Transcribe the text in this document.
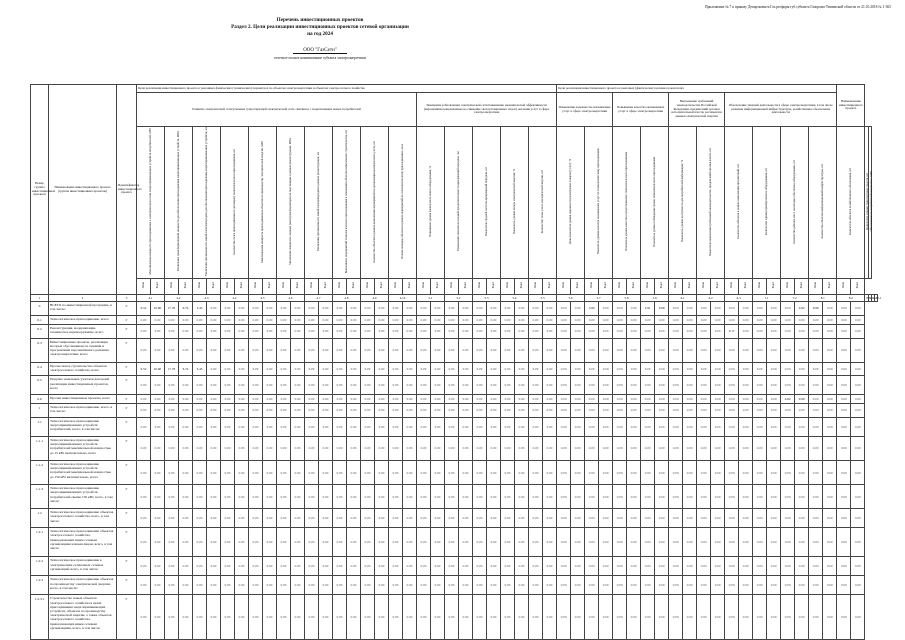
Приложение № 7 к приказу Департамента Газ.регформ.губ.субъекта Газпрома-Тюменской области от 21.10.2018 № 1-365
Перечень инвестиционных проектов
Раздел 2. Цели реализации инвестиционных проектов сетевой организации
на год 2024
ООО "ГазСети"
отчетное полное наименование субъекта электроэнергетики
Номер группы инвестиционных проектов	Наименование инвестиционного проекта (группы инвестиционных проектов)	Идентификатор инвестиционного проекта	Цели реализации инвестиционного проекта в указанных физических (технических) параметрах по объектам электроэнергетики и объектам электросетевого хозяйства																														Цели реализации инвестиционного проекта в рамочных (фактических) целевых показателях																				Наименование инвестиционного проекта					
			Развитие электрической сети/усиление существующей электрической сети, связанное с подключением новых потребителей																				Замещение (обновление) электрической сети/повышение экономической эффективности (мероприятия направленные на снижение эксплуатационных затрат) оказания услуг в сфере электроэнергетики										Повышение надежности оказываемых услуг в сфере электроэнергетики				Повышение качества оказываемых услуг в сфере электроэнергетики				Выполнение требований законодательства Российской Федерации, предписаний органов исполнительной власти, регламентов рынков электрической энергии				Обеспечение текущей деятельности в сфере электроэнергетики, в том числе развитие информационной инфраструктуры, хозяйственное обеспечение деятельности													
			Максимальная мощность присоединяемых к электрическим сетям энергопринимающих устройств потребителей, МВт		Увеличение трансформаторной мощности для обеспечения присоединения энергопринимающих устройств, МВА		Увеличение протяженности линий электропередачи для обеспечения присоединения энергопринимающих устройств, км		Количество точек присоединения по договорам технологического присоединения, шт		Максимальная мощность присоединяемых объектов по производству электрической энергии, МВт		Увеличение мощности силовых (авто)трансформаторов на подстанциях в рамках реконструкции, МВА		Увеличение протяженности линий электропередачи в рамках реконструкции, км		Выполнение мероприятий технологического присоединения в отношении объектов капитального строительства, шт		Количество объектов в рамках выполнения мероприятий по организации коммерческого учета, шт		Полная площадь объектов в рамках мероприятий по технологическому присоединению, кв.м		Повышение уровня физического износа оборудования, %		Уменьшение показателя средней продолжительности прекращений передачи, час		Показатель средней частоты прекращений передачи, шт		Показатель уровня потерь электрической энергии, %		Количество точек учета электрической энергии, шт		Доля показателя уровня надежности реализуемых товаров (услуг), %		Показатель уровня качества оказываемых услуг по технологическому присоединению		Показатель уровня качества осуществляемого технологического присоединения		Показатель уровня соблюдения сроков технологического присоединения		Показатель уровня доступности для потребителей информации, %		Показатель выполнения требований законодательства, предписаний органов власти, шт		Количество объектов в рамках выполнения предписаний, шт		Количество единиц приобретаемого оборудования, шт		Количество рабочих мест, на которых обеспечено оборудование, шт		Количество объектов информационной инфраструктуры, шт		Количество объектов хозяйственного обеспечения, шт		Количество единиц транспортных средств, шт	Обеспеченность потребителей мощностью, МВт		
			План	Факт	План	Факт	План	Факт	План	Факт	План	Факт	План	Факт	План	Факт	План	Факт	План	Факт	План	Факт	План	Факт	План	Факт	План	Факт	План	Факт	План	Факт	План	Факт	План	Факт	План	Факт	План	Факт	План	Факт	План	Факт	План	Факт	План	Факт	План	Факт	План	Факт	План	Факт				
1	2	3	4.1		4.2		4.3		4.4		4.5		4.6		4.7		4.8		4.9		4.10		5.1		5.2		5.3		5.4		5.5		5.6		5.7		5.8		5.9		6.1		6.2		6.3		7.1		7.2		8.1		8.2		8.3	9.1	9.2	10.1
0	ВСЕГО по инвестиционной программе, в том числе:	Г	0.52	10.60	17.76	6.74	3.45	0.00	0.00	0.00	0.00	0.00	0.00	0.00	0.00	0.00	0.00	0.00	0.00	0.00	0.00	0.00	0.00	0.00	0.00	0.00	0.00	0.00	0.00	0.00	0.00	0.00	0.00	0.00	3.84	0.00	0.00	0.00	2.91	9.99	0.00	0.00	0.00	0.00	0.00	0.00	0.00	0.00	0.00	4.82	9.99	0.00	0.00	0.00				
0.1	Технологическое присоединение, всего	Г	0.00	0.00	0.00	0.00	0.00	0.00	0.00	0.00	0.00	0.00	0.00	0.00	0.00	0.00	0.00	0.00	0.00	0.00	0.00	0.00	0.00	0.00	0.00	0.00	0.00	0.00	0.00	0.00	0.00	0.00	0.00	0.00	0.00	0.00	0.00	0.00	0.00	0.00	0.00	0.00	0.00	0.00	0.00	0.00	0.00	0.00	0.00	0.00	0.00	0.00	0.00	0.00				
0.2	Реконструкция, модернизация, техническое перевооружение, всего	Г	0.00	0.00	0.00	0.00	0.00	0.00	0.00	0.00	0.00	0.00	0.00	0.00	0.00	0.00	0.00	0.00	0.00	0.00	0.00	0.00	0.00	0.00	0.00	0.00	0.00	0.00	0.00	0.00	0.00	0.00	0.00	0.00	0.00	0.00	0.00	0.00	0.00	0.00	0.00	0.00	0.00	0.00	0.17	0.00	0.00	0.00	0.00	0.00	0.00	0.00	0.00	0.00				
0.3	Инвестиционные проекты, реализация которых обуславливается схемами и программами перспективного развития электроэнергетики, всего	Г	0.00	0.00	0.00	0.00	0.00	0.00	0.00	0.00	0.00	0.00	0.00	0.00	0.00	0.00	0.00	0.00	0.00	0.00	0.00	0.00	0.00	0.00	0.00	0.00	0.00	0.00	0.00	0.00	0.00	0.00	0.00	0.00	0.00	0.00	0.00	0.00	0.00	0.00	0.00	0.00	0.00	0.00	0.00	0.00	0.00	0.00	0.00	0.00	0.00	0.00	0.00	0.00				
0.4	Прочее новое строительство объектов электросетевого хозяйства, всего	Г	0.52	10.60	17.76	6.74	3.45	0.00	0.00	0.00	0.00	0.00	0.00	0.00	0.00	0.00	0.00	0.00	0.00	0.00	0.00	0.00	0.00	0.00	0.00	0.00	0.00	0.00	0.00	0.00	0.00	0.00	0.00	0.00	0.00	0.00	0.00	0.00	0.00	0.00	0.00	0.00	0.00	0.00	0.00	0.00	0.00	0.00	0.00	0.00	0.00	0.00	0.00	0.00				
0.5	Покупка земельных участков для целей реализации инвестиционных проектов, всего	Г	0.00	0.00	0.00	0.00	0.00	0.00	0.00	0.00	0.00	0.00	0.00	0.00	0.00	0.00	0.00	0.00	0.00	0.00	0.00	0.00	0.00	0.00	0.00	0.00	0.00	0.00	0.00	0.00	0.00	0.00	0.00	0.00	0.00	0.00	0.00	0.00	0.00	0.00	0.00	0.00	0.00	0.00	0.00	0.00	0.00	0.00	0.00	0.00	0.00	0.00	0.00	0.00				
0.6	Прочие инвестиционные проекты, всего	Г	0.00	0.00	0.00	0.00	0.00	0.00	0.00	0.00	0.00	0.00	0.00	0.00	0.00	0.00	0.00	0.00	0.00	0.00	0.00	0.00	0.00	0.00	0.00	0.00	0.00	0.00	0.00	0.00	0.00	0.00	0.00	0.00	0.00	0.00	0.00	0.00	0.00	0.00	0.00	0.00	0.00	0.00	0.00	0.00	0.00	0.00	4.82	9.99	0.00	0.00	0.00	0.00				
1	Технологическое присоединение, всего, в том числе:	Г	0.00	0.00	0.00	0.00	0.00	0.00	0.00	0.00	0.00	0.00	0.00	0.00	0.00	0.00	0.00	0.00	0.00	0.00	0.00	0.00	0.00	0.00	0.00	0.00	0.00	0.00	0.00	0.00	0.00	0.00	0.00	0.00	0.00	0.00	0.00	0.00	0.00	0.00	0.00	0.00	0.00	0.00	0.00	0.00	0.00	0.00	0.00	0.00	0.00	0.00	0.00	0.00				
1.1	Технологическое присоединение энергопринимающих устройств потребителей, всего, в том числе:	Г	0.00	0.00	0.00	0.00	0.00	0.00	0.00	0.00	0.00	0.00	0.00	0.00	0.00	0.00	0.00	0.00	0.00	0.00	0.00	0.00	0.00	0.00	0.00	0.00	0.00	0.00	0.00	0.00	0.00	0.00	0.00	0.00	0.00	0.00	0.00	0.00	0.00	0.00	0.00	0.00	0.00	0.00	0.00	0.00	0.00	0.00	0.00	0.00	0.00	0.00	0.00	0.00				
1.1.1	Технологическое присоединение энергопринимающих устройств потребителей максимальной мощностью до 15 кВт включительно, всего	Г	0.00	0.00	0.00	0.00	0.00	0.00	0.00	0.00	0.00	0.00	0.00	0.00	0.00	0.00	0.00	0.00	0.00	0.00	0.00	0.00	0.00	0.00	0.00	0.00	0.00	0.00	0.00	0.00	0.00	0.00	0.00	0.00	0.00	0.00	0.00	0.00	0.00	0.00	0.00	0.00	0.00	0.00	0.00	0.00	0.00	0.00	0.00	0.00	0.00	0.00	0.00	0.00				
1.1.2	Технологическое присоединение энергопринимающих устройств потребителей максимальной мощностью до 150 кВт включительно, всего	Г	0.00	0.00	0.00	0.00	0.00	0.00	0.00	0.00	0.00	0.00	0.00	0.00	0.00	0.00	0.00	0.00	0.00	0.00	0.00	0.00	0.00	0.00	0.00	0.00	0.00	0.00	0.00	0.00	0.00	0.00	0.00	0.00	0.00	0.00	0.00	0.00	0.00	0.00	0.00	0.00	0.00	0.00	0.00	0.00	0.00	0.00	0.00	0.00	0.00	0.00	0.00	0.00				
1.1.3	Технологическое присоединение энергопринимающих устройств потребителей свыше 150 кВт, всего, в том числе:	Г	0.00	0.00	0.00	0.00	0.00	0.00	0.00	0.00	0.00	0.00	0.00	0.00	0.00	0.00	0.00	0.00	0.00	0.00	0.00	0.00	0.00	0.00	0.00	0.00	0.00	0.00	0.00	0.00	0.00	0.00	0.00	0.00	0.00	0.00	0.00	0.00	0.00	0.00	0.00	0.00	0.00	0.00	0.00	0.00	0.00	0.00	0.00	0.00	0.00	0.00	0.00	0.00				
1.2	Технологическое присоединение объектов электросетевого хозяйства, всего, в том числе:	Г	0.00	0.00	0.00	0.00	0.00	0.00	0.00	0.00	0.00	0.00	0.00	0.00	0.00	0.00	0.00	0.00	0.00	0.00	0.00	0.00	0.00	0.00	0.00	0.00	0.00	0.00	0.00	0.00	0.00	0.00	0.00	0.00	0.00	0.00	0.00	0.00	0.00	0.00	0.00	0.00	0.00	0.00	0.00	0.00	0.00	0.00	0.00	0.00	0.00	0.00	0.00	0.00				
1.2.1	Технологическое присоединение объектов электросетевого хозяйства, принадлежащих иным сетевым организациям и иным лицам, всего, в том числе:	Г	0.00	0.00	0.00	0.00	0.00	0.00	0.00	0.00	0.00	0.00	0.00	0.00	0.00	0.00	0.00	0.00	0.00	0.00	0.00	0.00	0.00	0.00	0.00	0.00	0.00	0.00	0.00	0.00	0.00	0.00	0.00	0.00	0.00	0.00	0.00	0.00	0.00	0.00	0.00	0.00	0.00	0.00	0.00	0.00	0.00	0.00	0.00	0.00	0.00	0.00	0.00	0.00				
1.2.2	Технологическое присоединение к электрическим сетям иных сетевых организаций, всего, в том числе:	Г	0.00	0.00	0.00	0.00	0.00	0.00	0.00	0.00	0.00	0.00	0.00	0.00	0.00	0.00	0.00	0.00	0.00	0.00	0.00	0.00	0.00	0.00	0.00	0.00	0.00	0.00	0.00	0.00	0.00	0.00	0.00	0.00	0.00	0.00	0.00	0.00	0.00	0.00	0.00	0.00	0.00	0.00	0.00	0.00	0.00	0.00	0.00	0.00	0.00	0.00	0.00	0.00				
1.2.3	Технологическое присоединение объектов по производству электрической энергии, всего, в том числе:	Г	0.00	0.00	0.00	0.00	0.00	0.00	0.00	0.00	0.00	0.00	0.00	0.00	0.00	0.00	0.00	0.00	0.00	0.00	0.00	0.00	0.00	0.00	0.00	0.00	0.00	0.00	0.00	0.00	0.00	0.00	0.00	0.00	0.00	0.00	0.00	0.00	0.00	0.00	0.00	0.00	0.00	0.00	0.00	0.00	0.00	0.00	0.00	0.00	0.00	0.00	0.00	0.00				
1.2.3.1	Строительство новых объектов электросетевого хозяйства в целях присоединения энергопринимающих устройств, объектов по производству электрической энергии, а также объектов электросетевого хозяйства, принадлежащих иным сетевым организациям, всего, в том числе:	Г	0.00	0.00	0.00	0.00	0.00	0.00	0.00	0.00	0.00	0.00	0.00	0.00	0.00	0.00	0.00	0.00	0.00	0.00	0.00	0.00	0.00	0.00	0.00	0.00	0.00	0.00	0.00	0.00	0.00	0.00	0.00	0.00	0.00	0.00	0.00	0.00	0.00	0.00	0.00	0.00	0.00	0.00	0.00	0.00	0.00	0.00	0.00	0.00	0.00	0.00	0.00	0.00				
